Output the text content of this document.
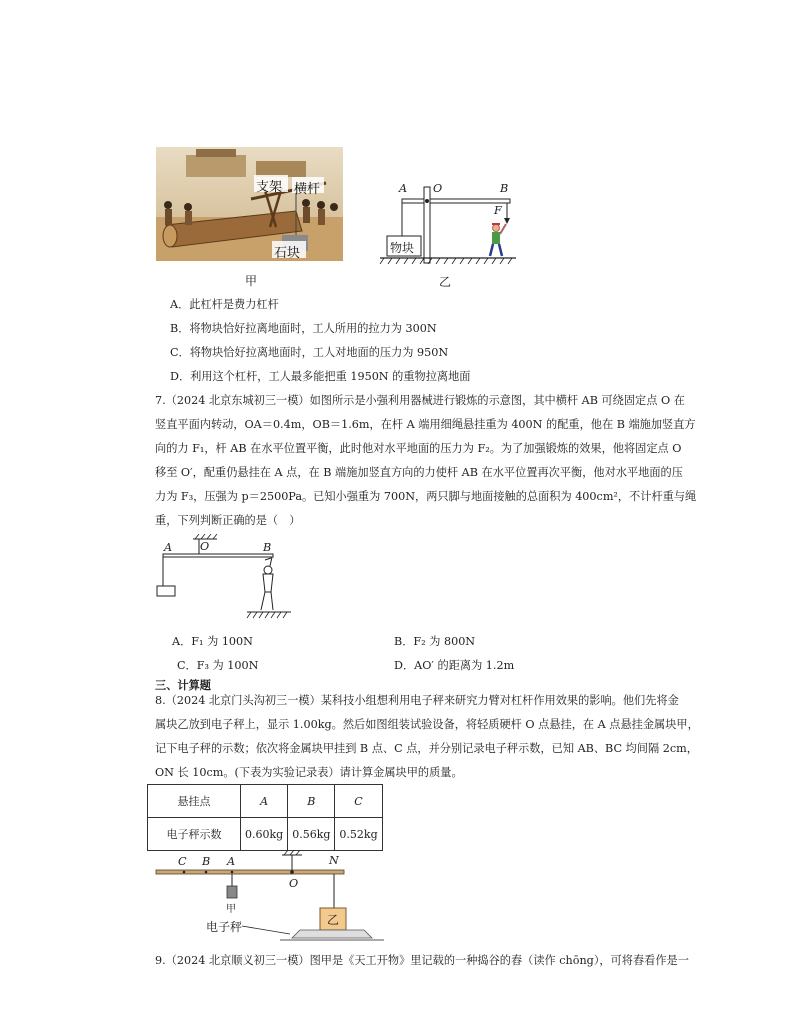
支架 横杆
石块
甲
A O	B
F
物块
乙
A．此杠杆是费力杠杆
B．将物块恰好拉离地面时，工人所用的拉力为 300N
C．将物块恰好拉离地面时，工人对地面的压力为 950N
D．利用这个杠杆，工人最多能把重 1950N 的重物拉离地面
7.（2024 北京东城初三一模）如图所示是小强利用器械进行锻炼的示意图，其中横杆 AB 可绕固定点 O 在
竖直平面内转动，OA＝0.4m，OB＝1.6m，在杆 A 端用细绳悬挂重为 400N 的配重，他在 B 端施加竖直方
向的力 F₁，杆 AB 在水平位置平衡，此时他对水平地面的压力为 F₂。为了加强锻炼的效果，他将固定点 O
移至 O′，配重仍悬挂在 A 点，在 B 端施加竖直方向的力使杆 AB 在水平位置再次平衡，他对水平地面的压
力为 F₃，压强为 p＝2500Pa。已知小强重为 700N，两只脚与地面接触的总面积为 400cm²，不计杆重与绳
重，下列判断正确的是（　）
A O	B
A．F₁ 为 100N	B．F₂ 为 800N
C．F₃ 为 100N	D．AO′ 的距离为 1.2m
三、计算题
8.（2024 北京门头沟初三一模）某科技小组想利用电子秤来研究力臂对杠杆作用效果的影响。他们先将金
属块乙放到电子秤上，显示 1.00kg。然后如图组装试验设备，将轻质硬杆 O 点悬挂，在 A 点悬挂金属块甲，
记下电子秤的示数；依次将金属块甲挂到 B 点、C 点，并分别记录电子秤示数，已知 AB、BC 均间隔 2cm，
ON 长 10cm。(下表为实验记录表）请计算金属块甲的质量。
悬挂点	A	B	C
电子秤示数	0.60kg	0.56kg	0.52kg
C B A	N
O
甲
电子秤	乙
9.（2024 北京顺义初三一模）图甲是《天工开物》里记载的一种捣谷的舂（读作 chōng），可将舂看作是一
